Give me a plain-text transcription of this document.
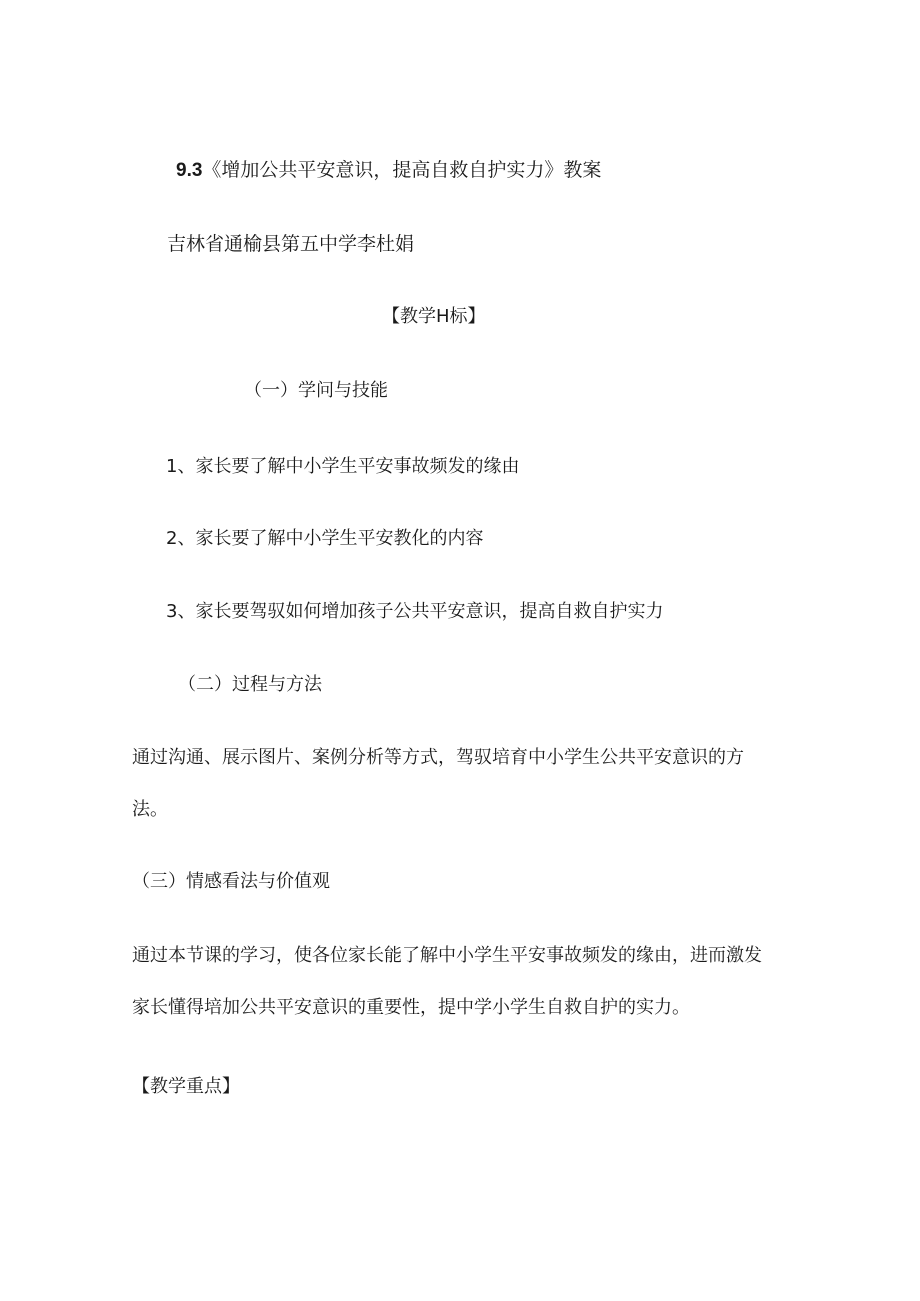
9.3《增加公共平安意识，提高自救自护实力》教案

吉林省通榆县第五中学李杜娟

【教学H标】

（一）学问与技能

1、家长要了解中小学生平安事故频发的缘由

2、家长要了解中小学生平安教化的内容

3、家长要驾驭如何增加孩子公共平安意识，提高自救自护实力

（二）过程与方法

通过沟通、展示图片、案例分析等方式，驾驭培育中小学生公共平安意识的方

法。

（三）情感看法与价值观

通过本节课的学习，使各位家长能了解中小学生平安事故频发的缘由，进而激发

家长懂得培加公共平安意识的重要性，提中学小学生自救自护的实力。

【教学重点】
